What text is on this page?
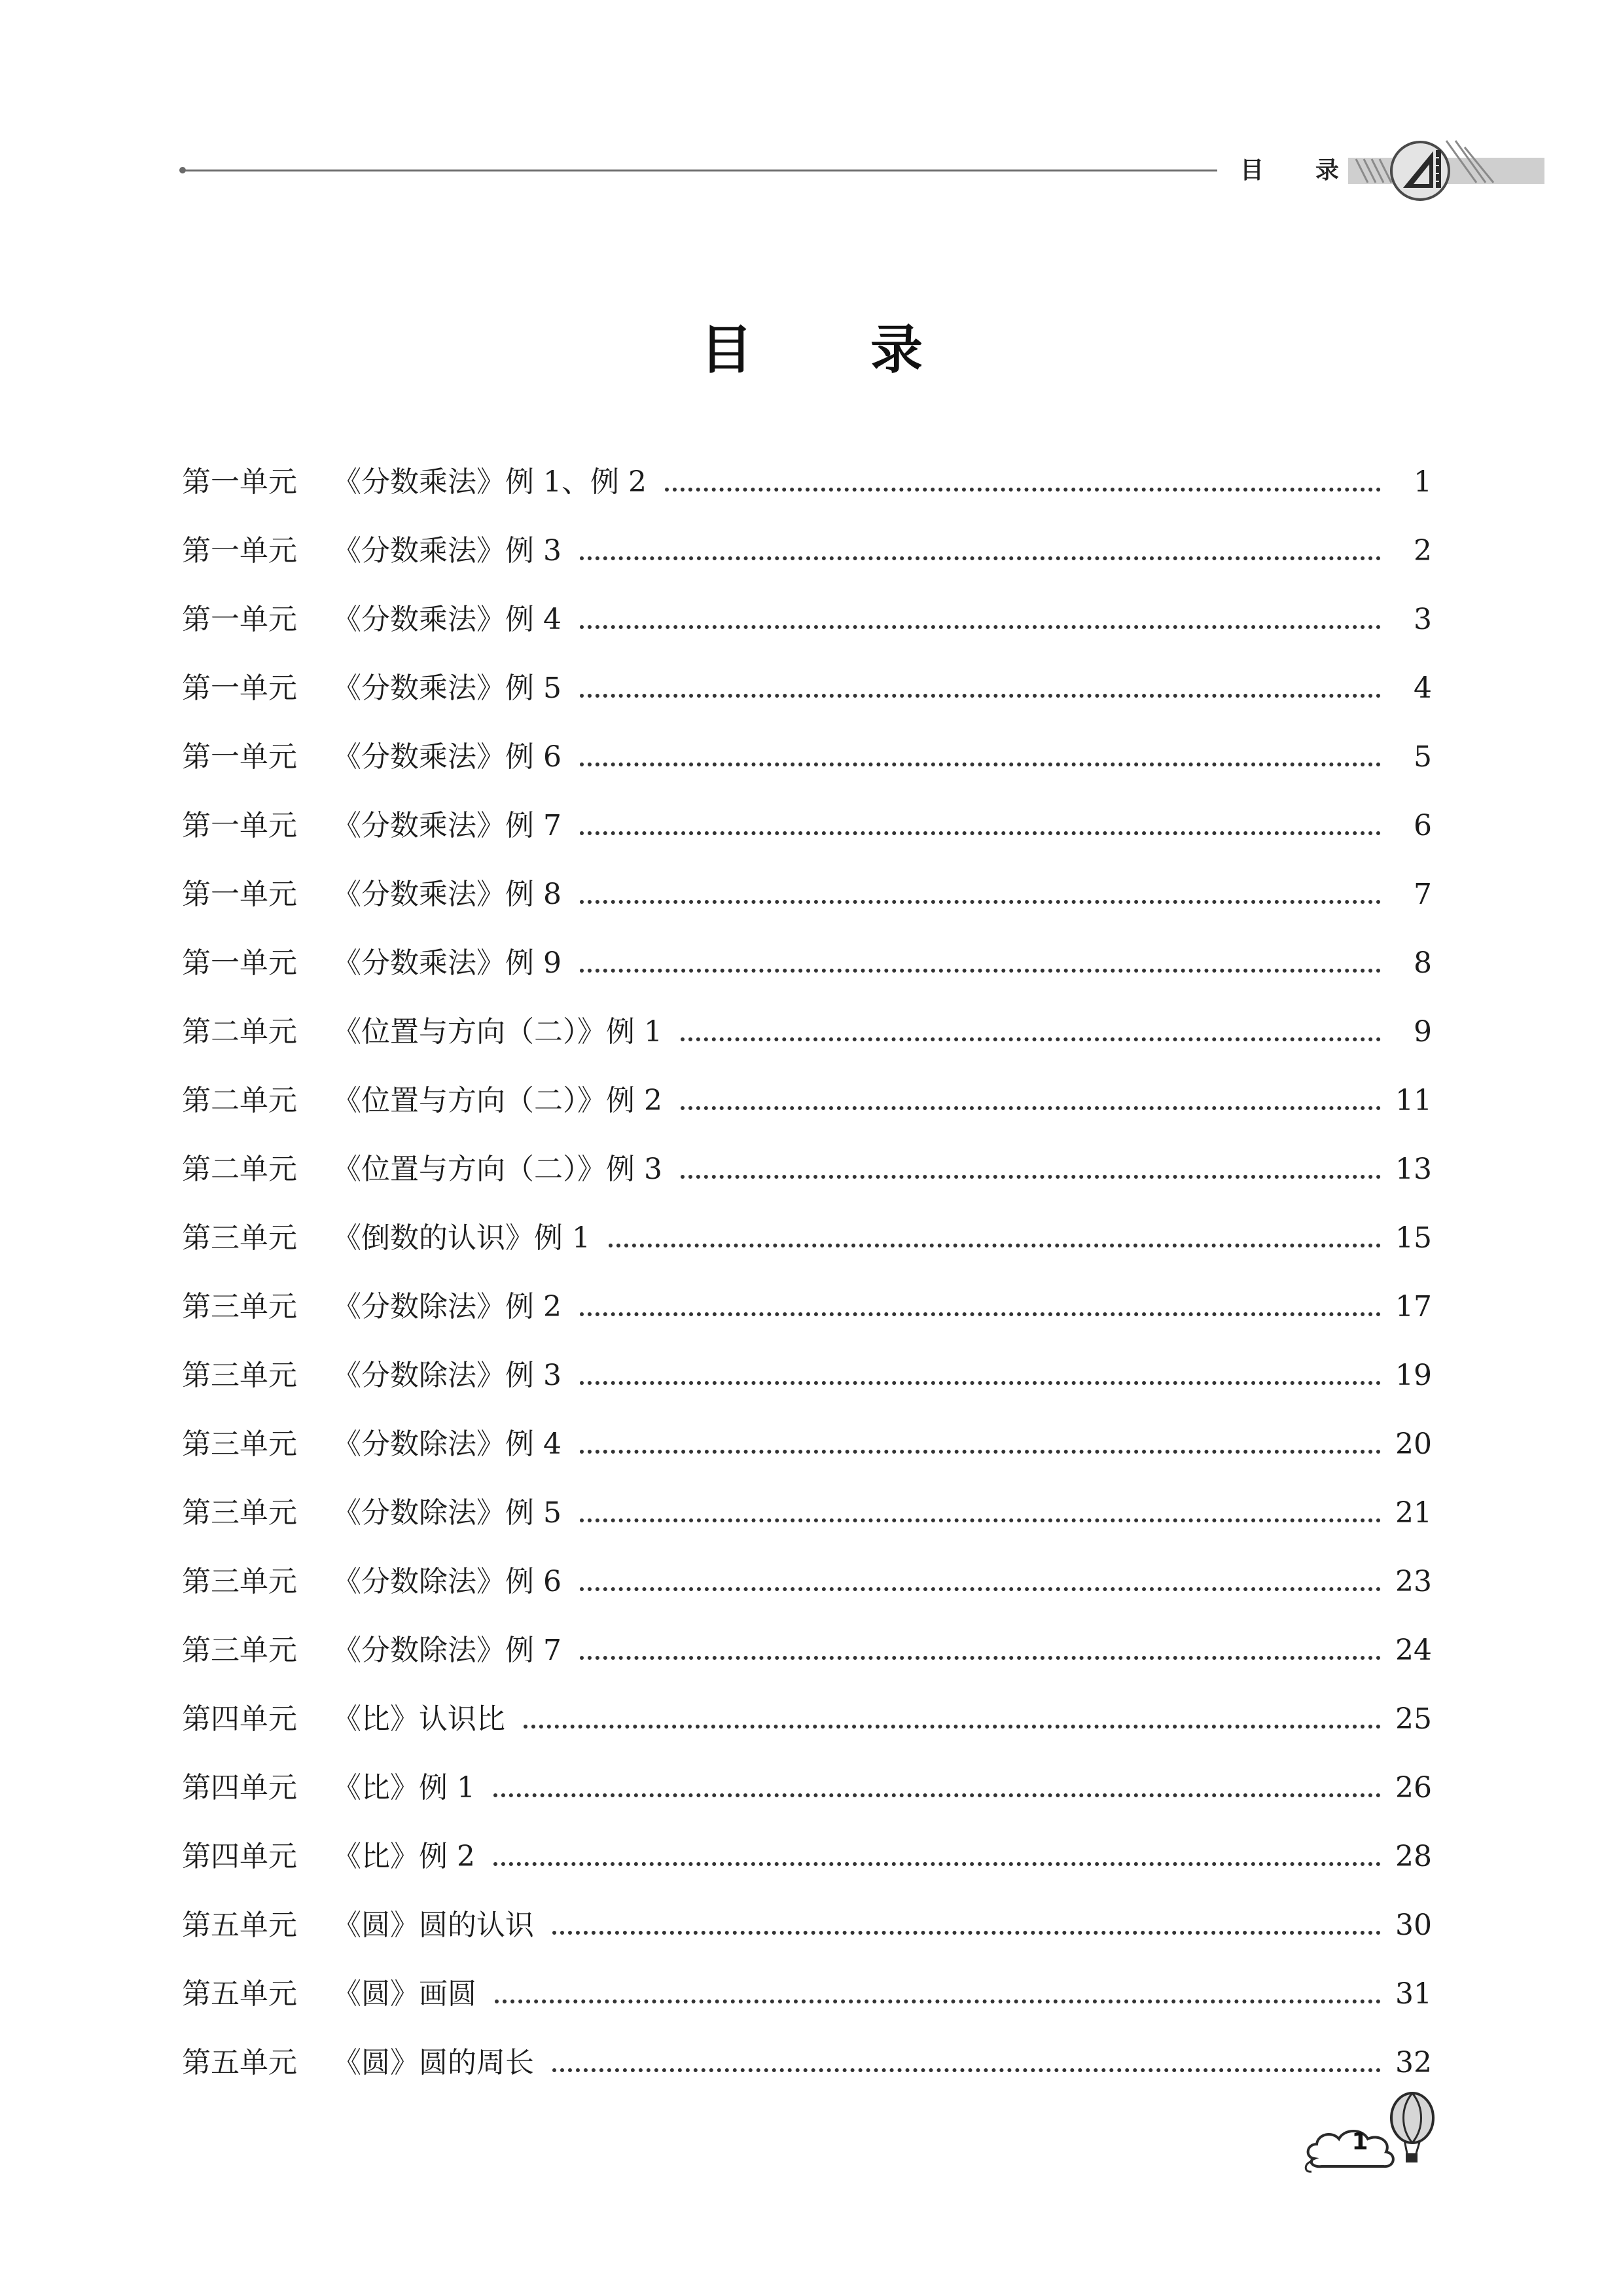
目 录
目录
第一单元	《分数乘法》例 1、例 2	1
第一单元	《分数乘法》例 3	2
第一单元	《分数乘法》例 4	3
第一单元	《分数乘法》例 5	4
第一单元	《分数乘法》例 6	5
第一单元	《分数乘法》例 7	6
第一单元	《分数乘法》例 8	7
第一单元	《分数乘法》例 9	8
第二单元	《位置与方向（二）》例 1	9
第二单元	《位置与方向（二）》例 2	11
第二单元	《位置与方向（二）》例 3	13
第三单元	《倒数的认识》例 1	15
第三单元	《分数除法》例 2	17
第三单元	《分数除法》例 3	19
第三单元	《分数除法》例 4	20
第三单元	《分数除法》例 5	21
第三单元	《分数除法》例 6	23
第三单元	《分数除法》例 7	24
第四单元	《比》认识比	25
第四单元	《比》例 1	26
第四单元	《比》例 2	28
第五单元	《圆》圆的认识	30
第五单元	《圆》画圆	31
第五单元	《圆》圆的周长	32
1
